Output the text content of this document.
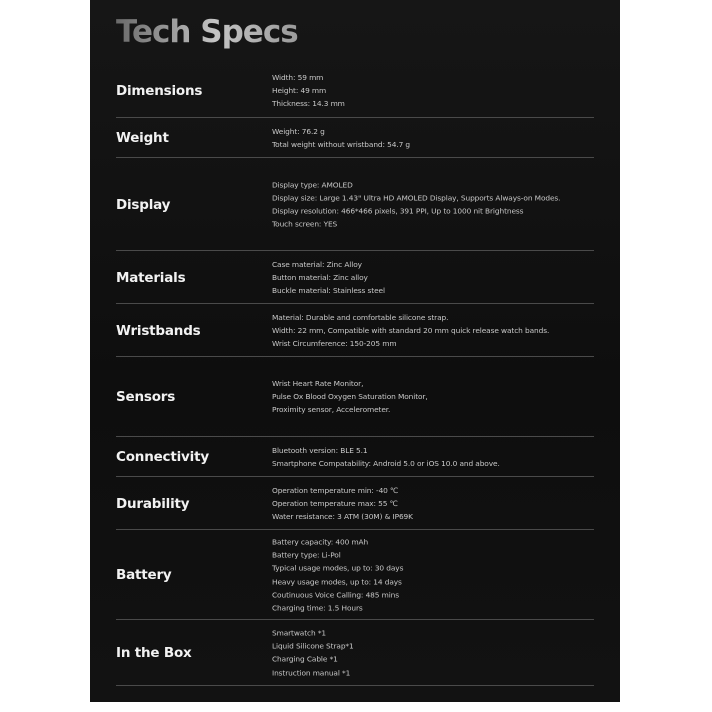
Tech Specs
Dimensions
Width: 59 mm
Height: 49 mm
Thickness: 14.3 mm
Weight	Weight: 76.2 g
Total weight without wristband: 54.7 g
Display
Display type: AMOLED
Display size: Large 1.43" Ultra HD AMOLED Display, Supports Always-on Modes.
Display resolution: 466*466 pixels, 391 PPI, Up to 1000 nit Brightness
Touch screen: YES
Materials
Case material: Zinc Alloy
Button material: Zinc alloy
Buckle material: Stainless steel
Wristbands
Material: Durable and comfortable silicone strap.
Width: 22 mm, Compatible with standard 20 mm quick release watch bands.
Wrist Circumference: 150-205 mm
Sensors
Wrist Heart Rate Monitor,
Pulse Ox Blood Oxygen Saturation Monitor,
Proximity sensor, Accelerometer.
Connectivity	Bluetooth version: BLE 5.1
Smartphone Compatability: Android 5.0 or iOS 10.0 and above.
Durability
Operation temperature min: -40 ℃
Operation temperature max: 55 ℃
Water resistance: 3 ATM (30M) & IP69K
Battery
Battery capacity: 400 mAh
Battery type: Li-Pol
Typical usage modes, up to: 30 days
Heavy usage modes, up to: 14 days
Coutinuous Voice Calling: 485 mins
Charging time: 1.5 Hours
In the Box
Smartwatch *1
Liquid Silicone Strap*1
Charging Cable *1
Instruction manual *1
